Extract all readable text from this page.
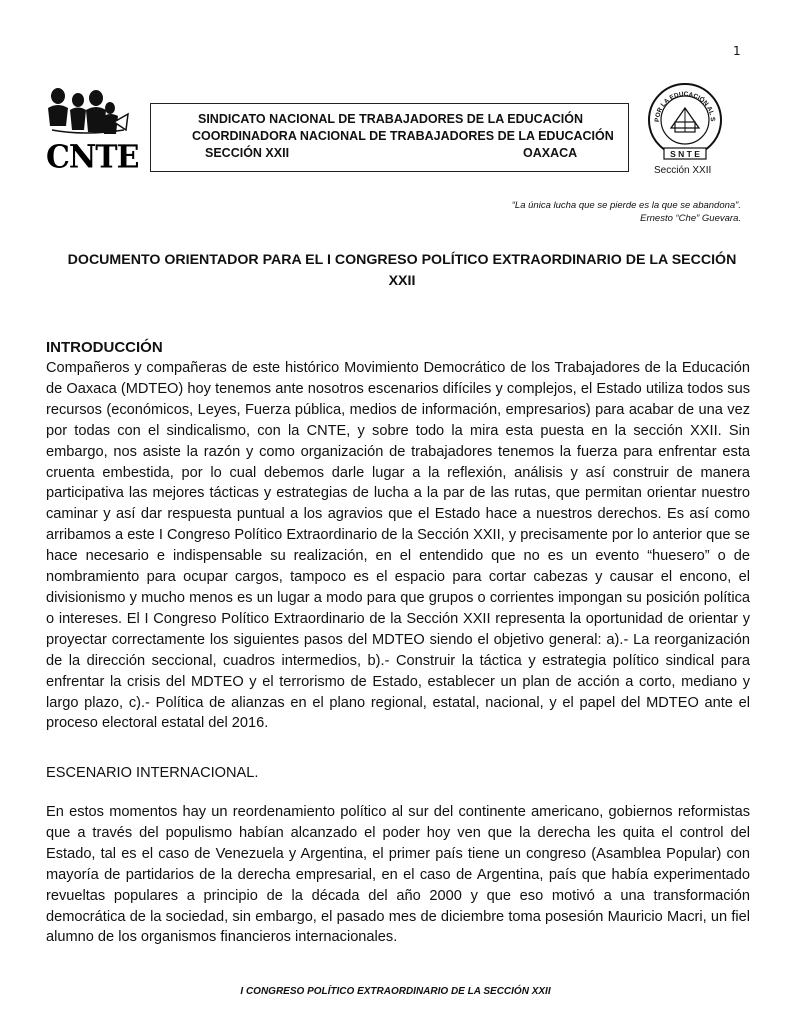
1
CNTE
SINDICATO NACIONAL DE TRABAJADORES DE LA EDUCACIÓN
COORDINADORA NACIONAL DE TRABAJADORES DE LA EDUCACIÓN
SECCIÓN XXII	OAXACA
POR LA EDUCACIÓN AL S
S N T E
Sección XXII
“La única lucha que se pierde es la que se abandona”.
Ernesto “Che” Guevara.
DOCUMENTO ORIENTADOR PARA EL I CONGRESO POLÍTICO EXTRAORDINARIO DE LA SECCIÓN XXII
INTRODUCCIÓN
Compañeros y compañeras de este histórico Movimiento Democrático de los Trabajadores de la Educación de Oaxaca (MDTEO) hoy tenemos ante nosotros escenarios difíciles y complejos, el Estado utiliza todos sus recursos (económicos, Leyes, Fuerza pública, medios de información, empresarios) para acabar de una vez por todas con el sindicalismo, con la CNTE, y sobre todo la mira esta puesta en la sección XXII. Sin embargo, nos asiste la razón y como organización de trabajadores tenemos la fuerza para enfrentar esta cruenta embestida, por lo cual debemos darle lugar a la reflexión, análisis y así construir de manera participativa las mejores tácticas y estrategias de lucha a la par de las rutas, que permitan orientar nuestro caminar y así dar respuesta puntual a los agravios que el Estado hace a nuestros derechos. Es así como arribamos a este I Congreso Político Extraordinario de la Sección XXII, y precisamente por lo anterior que se hace necesario e indispensable su realización, en el entendido que no es un evento “huesero” o de nombramiento para ocupar cargos, tampoco es el espacio para cortar cabezas y causar el encono, el divisionismo y mucho menos es un lugar a modo para que grupos o corrientes impongan su posición política o intereses. El I Congreso Político Extraordinario de la Sección XXII representa la oportunidad de orientar y proyectar correctamente los siguientes pasos del MDTEO siendo el objetivo general: a).- La reorganización de la dirección seccional, cuadros intermedios, b).- Construir la táctica y estrategia político sindical para enfrentar la crisis del MDTEO y el terrorismo de Estado, establecer un plan de acción a corto, mediano y largo plazo, c).- Política de alianzas en el plano regional, estatal, nacional, y el papel del MDTEO ante el proceso electoral estatal del 2016.
ESCENARIO INTERNACIONAL.
En estos momentos hay un reordenamiento político al sur del continente americano, gobiernos reformistas que a través del populismo habían alcanzado el poder hoy ven que la derecha les quita el control del Estado, tal es el caso de Venezuela y Argentina, el primer país tiene un congreso (Asamblea Popular) con mayoría de partidarios de la derecha empresarial, en el caso de Argentina, país que había experimentado revueltas populares a principio de la década del año 2000 y que eso motivó a una transformación democrática de la sociedad, sin embargo, el pasado mes de diciembre toma posesión Mauricio Macri, un fiel alumno de los organismos financieros internacionales.
I CONGRESO POLÍTICO EXTRAORDINARIO DE LA SECCIÓN XXII
